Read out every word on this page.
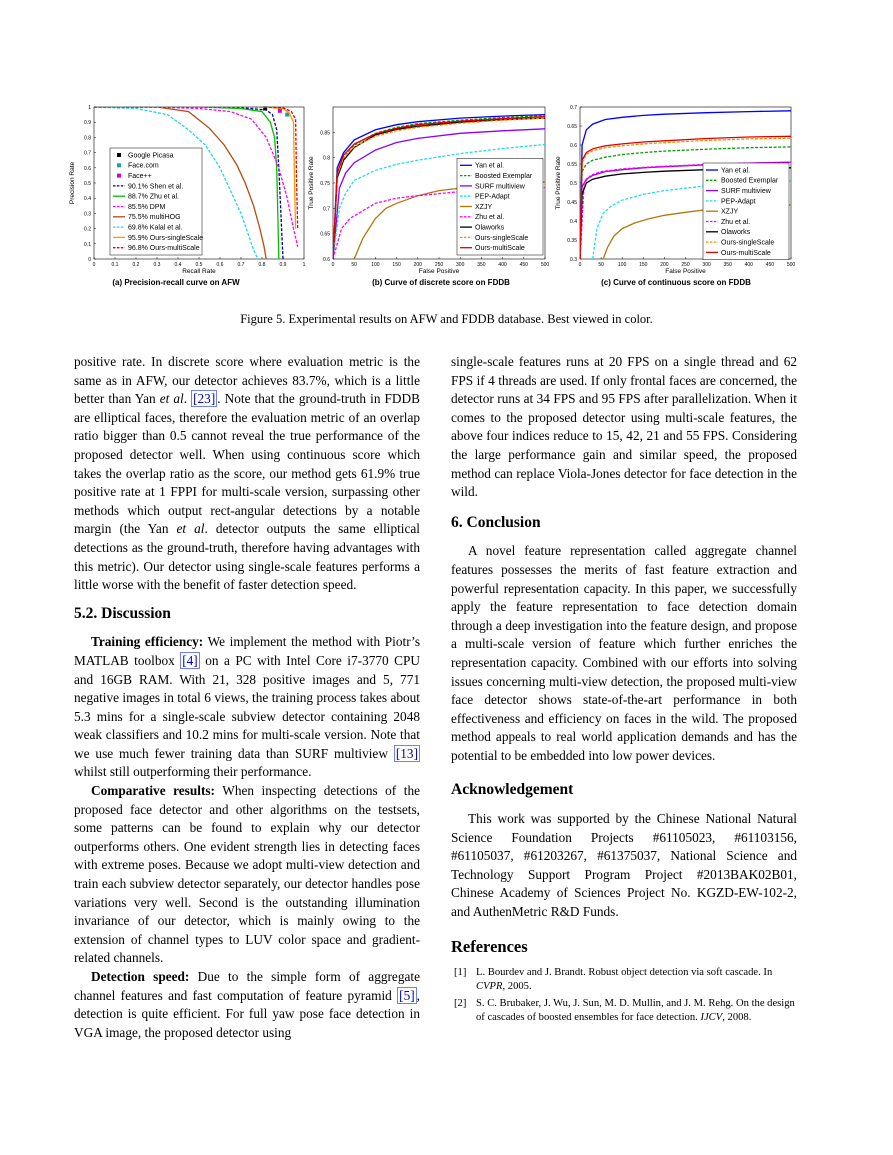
0	0.1	0.2	0.3	0.4	0.5	0.6	0.7	0.8	0.9	1
0
0.1
0.2
0.3
0.4
0.5
0.6
0.7
0.8
0.9
1
Recall Rate
Precision Rate
Google Picasa
Face.com
Face++
90.1% Shen et al.
88.7% Zhu et al.
85.5% DPM
75.5% multiHOG
69.8% Kalal et al.
95.9% Ours-singleScale
96.8% Ours-multiScale
(a) Precision-recall curve on AFW
0	50	100	150	200	250	300	350	400	450	500
0.6
0.65
0.7
0.75
0.8
0.85
False Positive
True Positive Rate	Yan et al.
Boosted Exemplar
SURF multiview
PEP-Adapt
XZJY
Zhu et al.
Olaworks
Ours-singleScale
Ours-multiScale
(b) Curve of discrete score on FDDB
0	50	100	150	200	250	300	350	400	450	500
0.3
0.35
0.4
0.45
0.5
0.55
0.6
0.65
0.7
False Positive
True Positive Rate	Yan et al.
Boosted Exemplar
SURF multiview
PEP-Adapt
XZJY
Zhu et al.
Olaworks
Ours-singleScale
Ours-multiScale
(c) Curve of continuous score on FDDB
Figure 5. Experimental results on AFW and FDDB database. Best viewed in color.

positive rate. In discrete score where evaluation metric is the same as in AFW, our detector achieves 83.7%, which is a little better than Yan et al. [23] . Note that the ground-truth in FDDB are elliptical faces, therefore the evaluation metric of an overlap ratio bigger than 0.5 cannot reveal the true performance of the proposed detector well. When using continuous score which takes the overlap ratio as the score, our method gets 61.9% true positive rate at 1 FPPI for multi-scale version, surpassing other methods which output rect-angular detections by a notable margin (the Yan et al. detector outputs the same elliptical detections as the ground-truth, therefore having advantages with this metric). Our detector using single-scale features performs a little worse with the benefit of faster detection speed.

5.2. Discussion

Training efficiency: We implement the method with Piotr’s MATLAB toolbox [4] on a PC with Intel Core i7-3770 CPU and 16GB RAM. With 21, 328 positive images and 5, 771 negative images in total 6 views, the training process takes about 5.3 mins for a single-scale subview detector containing 2048 weak classifiers and 10.2 mins for multi-scale version. Note that we use much fewer training data than SURF multiview [13] whilst still outperforming their performance.

Comparative results: When inspecting detections of the proposed face detector and other algorithms on the testsets, some patterns can be found to explain why our detector outperforms others. One evident strength lies in detecting faces with extreme poses. Because we adopt multi-view detection and train each subview detector separately, our detector handles pose variations very well. Second is the outstanding illumination invariance of our detector, which is mainly owing to the extension of channel types to LUV color space and gradient-related channels.

Detection speed: Due to the simple form of aggregate channel features and fast computation of feature pyramid [5] , detection is quite efficient. For full yaw pose face detection in VGA image, the proposed detector using

single-scale features runs at 20 FPS on a single thread and 62 FPS if 4 threads are used. If only frontal faces are concerned, the detector runs at 34 FPS and 95 FPS after parallelization. When it comes to the proposed detector using multi-scale features, the above four indices reduce to 15, 42, 21 and 55 FPS. Considering the large performance gain and similar speed, the proposed method can replace Viola-Jones detector for face detection in the wild.

6. Conclusion

A novel feature representation called aggregate channel features possesses the merits of fast feature extraction and powerful representation capacity. In this paper, we successfully apply the feature representation to face detection domain through a deep investigation into the feature design, and propose a multi-scale version of feature which further enriches the representation capacity. Combined with our efforts into solving issues concerning multi-view detection, the proposed multi-view face detector shows state-of-the-art performance in both effectiveness and efficiency on faces in the wild. The proposed method appeals to real world application demands and has the potential to be embedded into low power devices.

Acknowledgement

This work was supported by the Chinese National Natural Science Foundation Projects #61105023, #61103156, #61105037, #61203267, #61375037, National Science and Technology Support Program Project #2013BAK02B01, Chinese Academy of Sciences Project No. KGZD-EW-102-2, and AuthenMetric R&D Funds.

References
[1] L. Bourdev and J. Brandt. Robust object detection via soft cascade. In CVPR, 2005.
[2] S. C. Brubaker, J. Wu, J. Sun, M. D. Mullin, and J. M. Rehg. On the design of cascades of boosted ensembles for face detection. IJCV, 2008.
